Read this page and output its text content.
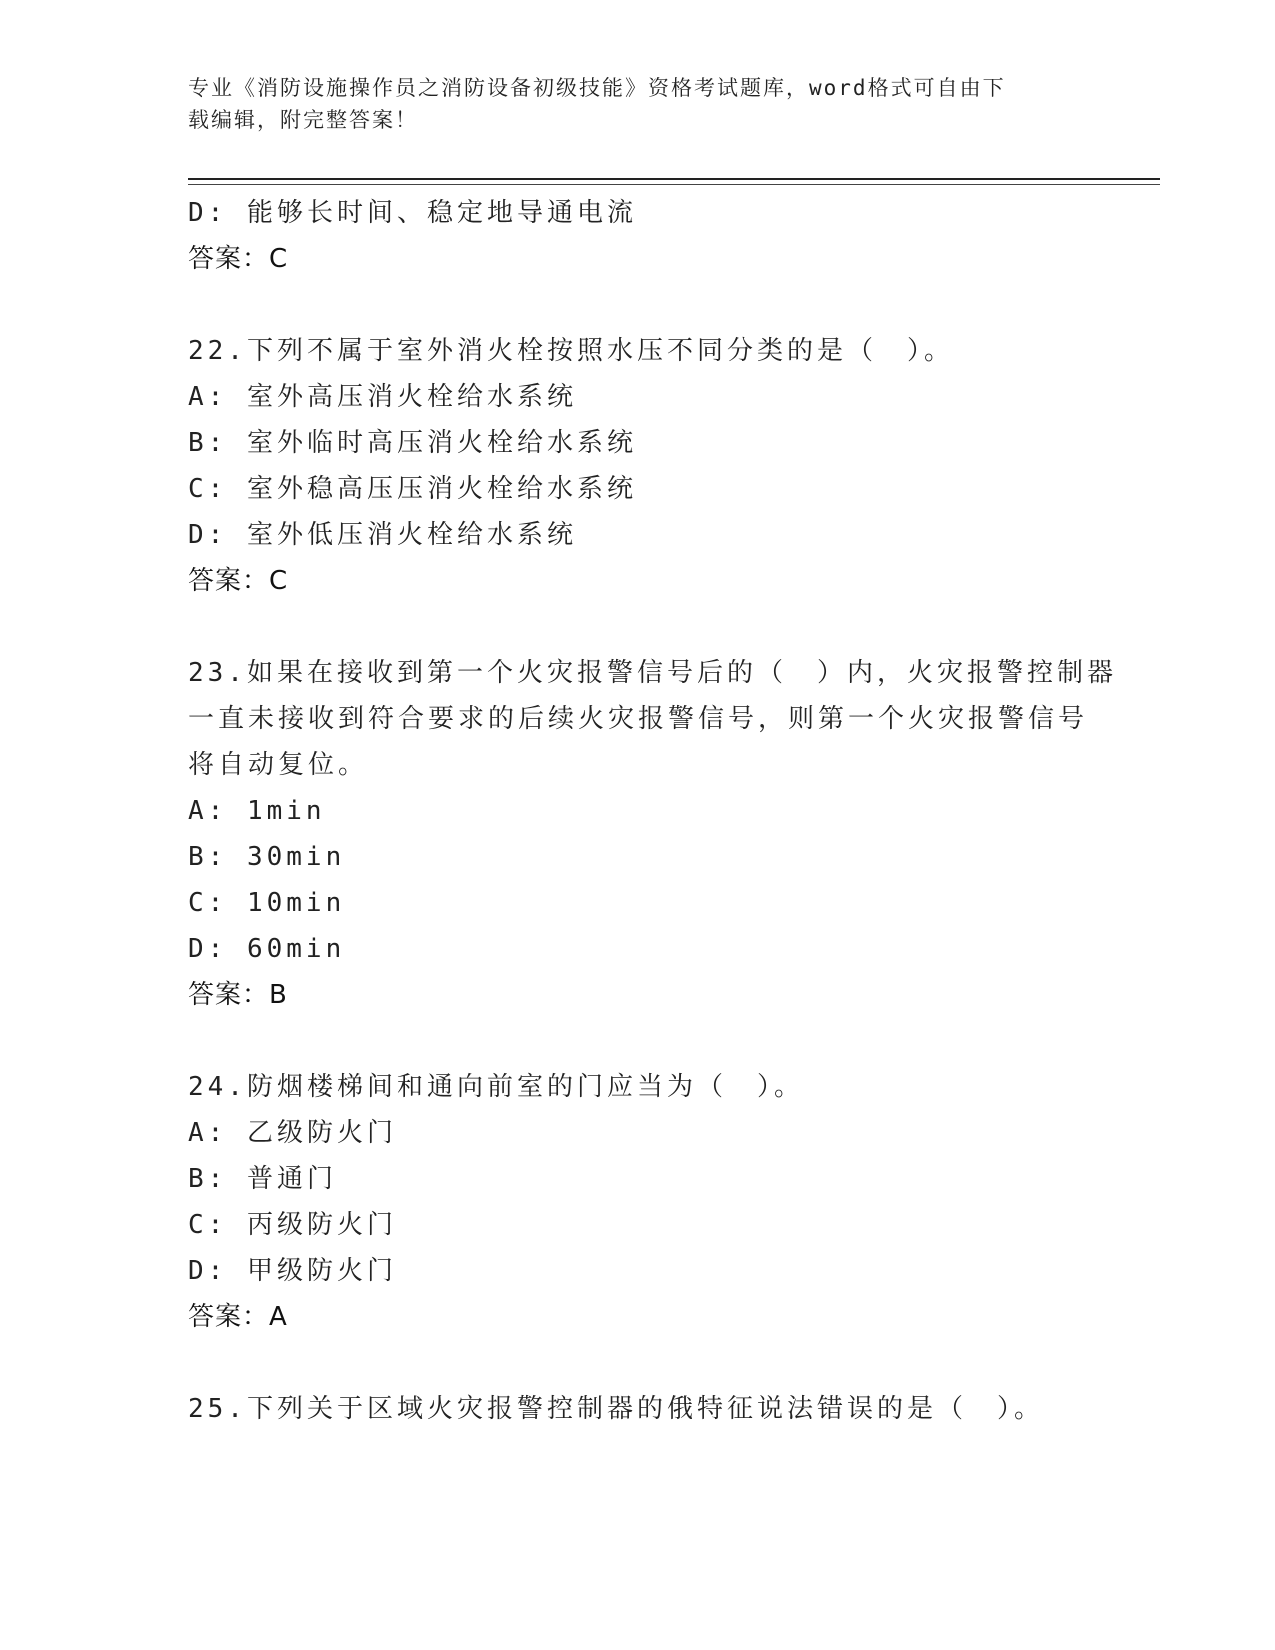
专业《消防设施操作员之消防设备初级技能》资格考试题库，word格式可自由下
载编辑，附完整答案！
D: 能够长时间、稳定地导通电流
答案：C
22.下列不属于室外消火栓按照水压不同分类的是（　）。
A: 室外高压消火栓给水系统
B: 室外临时高压消火栓给水系统
C: 室外稳高压压消火栓给水系统
D: 室外低压消火栓给水系统
答案：C
23.如果在接收到第一个火灾报警信号后的（　）内，火灾报警控制器
一直未接收到符合要求的后续火灾报警信号，则第一个火灾报警信号
将自动复位。
A: 1min
B: 30min
C: 10min
D: 60min
答案：B
24.防烟楼梯间和通向前室的门应当为（　）。
A: 乙级防火门
B: 普通门
C: 丙级防火门
D: 甲级防火门
答案：A
25.下列关于区域火灾报警控制器的俄特征说法错误的是（　）。
